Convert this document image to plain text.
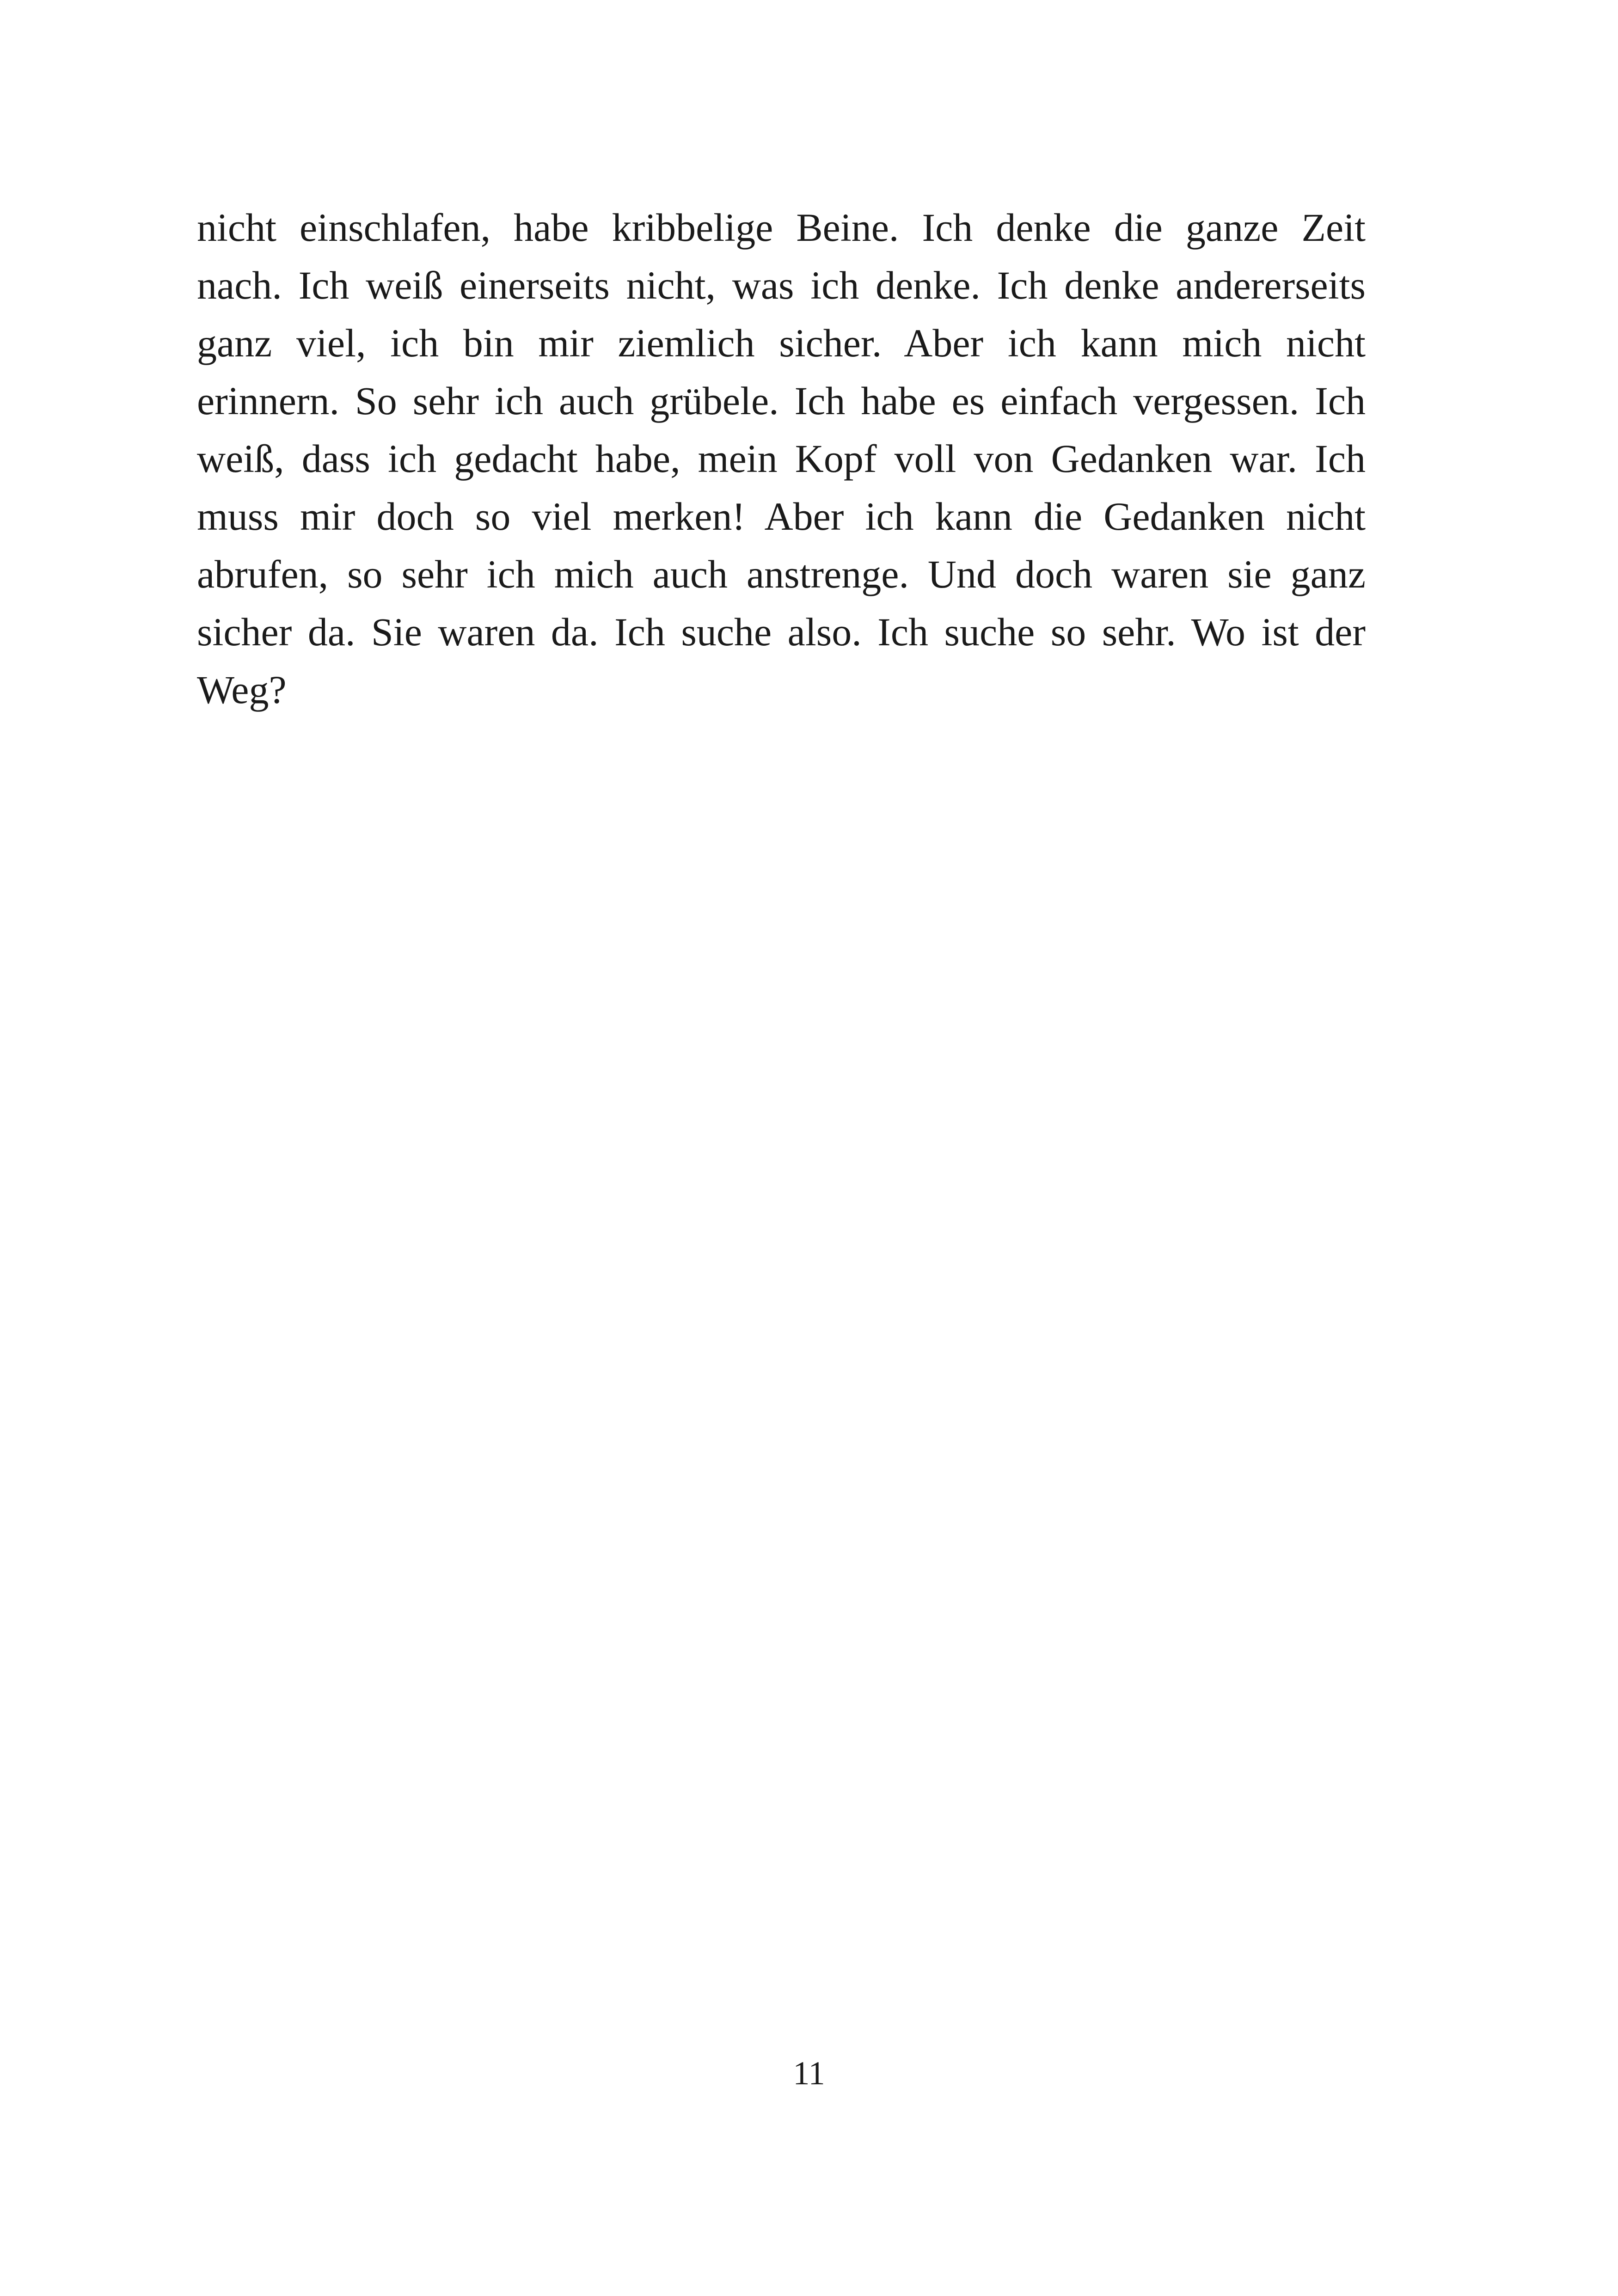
nicht einschlafen, habe kribbelige Beine. Ich denke die ganze Zeit
nach. Ich weiß einerseits nicht, was ich denke. Ich denke andererseits
ganz viel, ich bin mir ziemlich sicher. Aber ich kann mich nicht
erinnern. So sehr ich auch grübele. Ich habe es einfach vergessen. Ich
weiß, dass ich gedacht habe, mein Kopf voll von Gedanken war. Ich
muss mir doch so viel merken! Aber ich kann die Gedanken nicht
abrufen, so sehr ich mich auch anstrenge. Und doch waren sie ganz
sicher da. Sie waren da. Ich suche also. Ich suche so sehr. Wo ist der
Weg?

11
